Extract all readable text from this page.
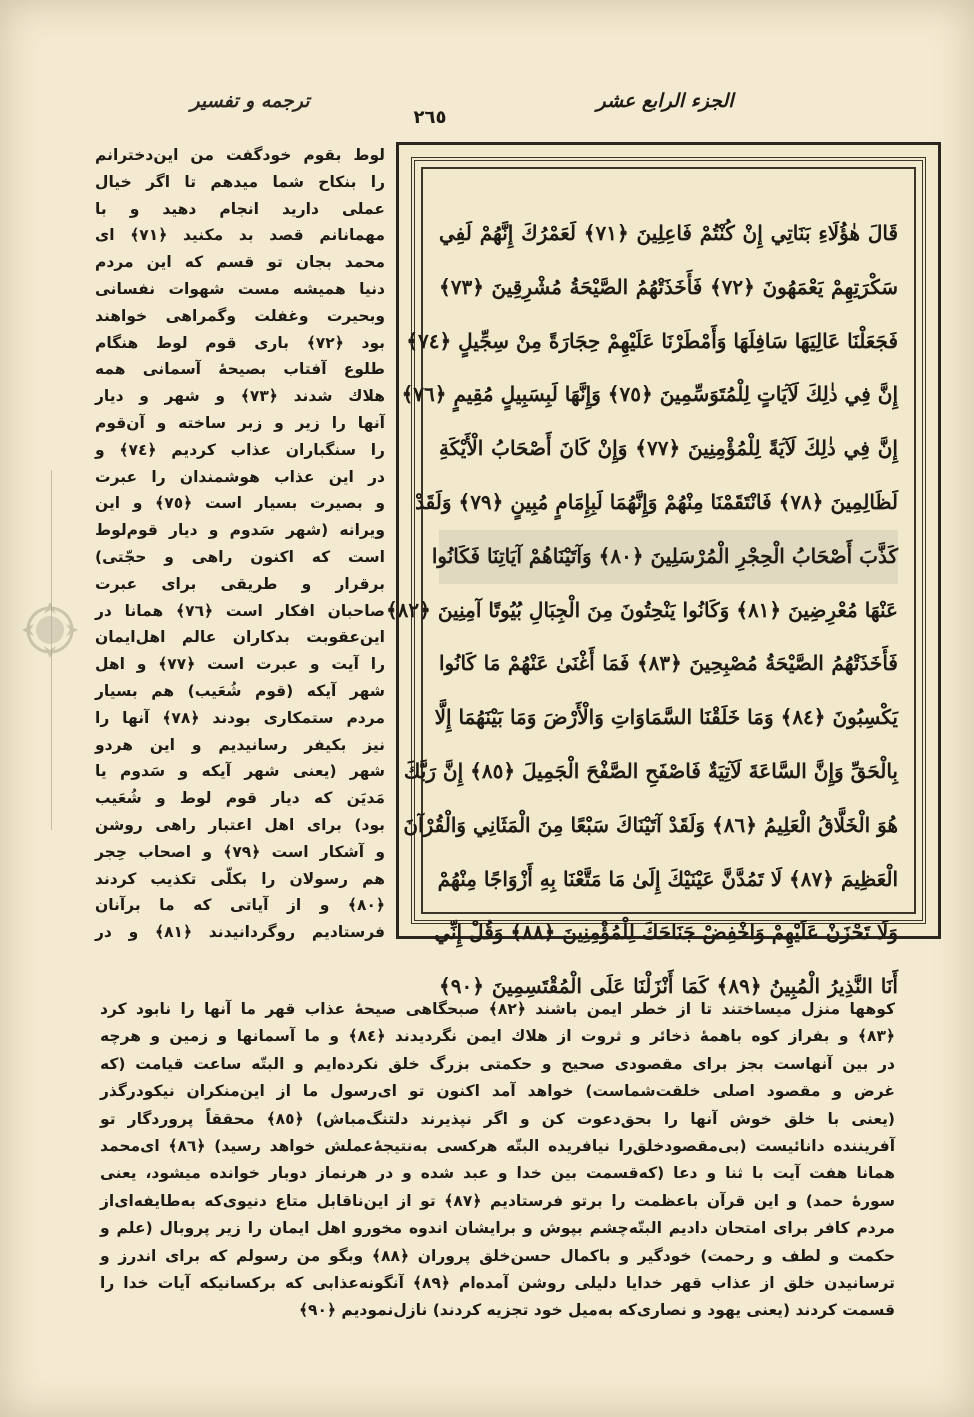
ترجمه و تفسیر
٢٦٥
الجزء الرابع عشر
قَالَ هٰؤُلَاءِ بَنَاتِي إِنْ كُنْتُمْ فَاعِلِينَ ﴿٧١﴾ لَعَمْرُكَ إِنَّهُمْ لَفِي
سَكْرَتِهِمْ يَعْمَهُونَ ﴿٧٢﴾ فَأَخَذَتْهُمُ الصَّيْحَةُ مُشْرِقِينَ ﴿٧٣﴾
فَجَعَلْنَا عَالِيَهَا سَافِلَهَا وَأَمْطَرْنَا عَلَيْهِمْ حِجَارَةً مِنْ سِجِّيلٍ ﴿٧٤﴾
إِنَّ فِي ذٰلِكَ لَآيَاتٍ لِلْمُتَوَسِّمِينَ ﴿٧٥﴾ وَإِنَّهَا لَبِسَبِيلٍ مُقِيمٍ ﴿٧٦﴾
إِنَّ فِي ذٰلِكَ لَآيَةً لِلْمُؤْمِنِينَ ﴿٧٧﴾ وَإِنْ كَانَ أَصْحَابُ الْأَيْكَةِ
لَظَالِمِينَ ﴿٧٨﴾ فَانْتَقَمْنَا مِنْهُمْ وَإِنَّهُمَا لَبِإِمَامٍ مُبِينٍ ﴿٧٩﴾ وَلَقَدْ
كَذَّبَ أَصْحَابُ الْحِجْرِ الْمُرْسَلِينَ ﴿٨٠﴾ وَآتَيْنَاهُمْ آيَاتِنَا فَكَانُوا
عَنْهَا مُعْرِضِينَ ﴿٨١﴾ وَكَانُوا يَنْحِتُونَ مِنَ الْجِبَالِ بُيُوتًا آمِنِينَ ﴿٨٢﴾
فَأَخَذَتْهُمُ الصَّيْحَةُ مُصْبِحِينَ ﴿٨٣﴾ فَمَا أَغْنَىٰ عَنْهُمْ مَا كَانُوا
يَكْسِبُونَ ﴿٨٤﴾ وَمَا خَلَقْنَا السَّمَاوَاتِ وَالْأَرْضَ وَمَا بَيْنَهُمَا إِلَّا
بِالْحَقِّ وَإِنَّ السَّاعَةَ لَآتِيَةٌ فَاصْفَحِ الصَّفْحَ الْجَمِيلَ ﴿٨٥﴾ إِنَّ رَبَّكَ
هُوَ الْخَلَّاقُ الْعَلِيمُ ﴿٨٦﴾ وَلَقَدْ آتَيْنَاكَ سَبْعًا مِنَ الْمَثَانِي وَالْقُرْآنَ
الْعَظِيمَ ﴿٨٧﴾ لَا تَمُدَّنَّ عَيْنَيْكَ إِلَىٰ مَا مَتَّعْنَا بِهِ أَزْوَاجًا مِنْهُمْ
وَلَا تَحْزَنْ عَلَيْهِمْ وَاخْفِضْ جَنَاحَكَ لِلْمُؤْمِنِينَ ﴿٨٨﴾ وَقُلْ إِنِّي
أَنَا النَّذِيرُ الْمُبِينُ ﴿٨٩﴾ كَمَا أَنْزَلْنَا عَلَى الْمُقْتَسِمِينَ ﴿٩٠﴾
لوط بقوم خودگفت من این‌دخترانم
را بنکاح شما میدهم تا اگر خیال
عملی دارید انجام دهید و با
مهمانانم قصد بد مکنید ﴿٧١﴾ ای
محمد بجان تو قسم که این مردم
دنیا همیشه مست شهوات نفسانی
وبحیرت وغفلت وگمراهی خواهند
بود ﴿٧٢﴾ باری قوم لوط هنگام
طلوع آفتاب بصیحهٔ آسمانی همه
هلاك شدند ﴿٧٣﴾ و شهر و دیار
آنها را زیر و زبر ساخته و آن‌قوم
را سنگباران عذاب کردیم ﴿٧٤﴾ و
در این عذاب هوشمندان را عبرت
و بصیرت بسیار است ﴿٧٥﴾ و این
ویرانه (شهر سَدوم و دیار قوم‌لوط
است که اکنون راهی و حجّتی)
برقرار و طریقی برای عبرت
صاحبان افکار است ﴿٧٦﴾ همانا در
این‌عقوبت بدکاران عالم اهل‌ایمان
را آیت و عبرت است ﴿٧٧﴾ و اهل
شهر آیکه (قوم شُعَیب) هم بسیار
مردم ستمکاری بودند ﴿٧٨﴾ آنها را
نیز بکیفر رسانیدیم و این هردو
شهر (یعنی شهر آیکه و سَدوم یا
مَدیَن که دیار قوم لوط و شُعَیب
بود) برای اهل اعتبار راهی روشن
و آشکار است ﴿٧٩﴾ و اصحاب حِجر
هم رسولان را بکلّی تکذیب کردند
﴿٨٠﴾ و از آیاتی که ما برآنان
فرستادیم روگردانیدند ﴿٨١﴾ و در
کوهها منزل میساختند تا از خطر ایمن باشند ﴿٨٢﴾ صبحگاهی صیحهٔ عذاب قهر ما آنها را نابود کرد
﴿٨٣﴾ و بفراز کوه باهمهٔ ذخائر و ثروت از هلاك ایمن نگردیدند ﴿٨٤﴾ و ما آسمانها و زمین و هرچه
در بین آنهاست بجز برای مقصودی صحیح و حکمتی بزرگ خلق نکرده‌ایم و البتّه ساعت قیامت (که
غرض و مقصود اصلی خلقت‌شماست) خواهد آمد اکنون تو ای‌رسول ما از این‌منکران نیکودرگذر
(یعنی با خلق خوش آنها را بحق‌دعوت کن و اگر نپذیرند دلتنگ‌مباش) ﴿٨٥﴾ محققاً پروردگار تو
آفریننده دانائیست (بی‌مقصودخلق‌را نیافریده البتّه هرکسی به‌نتیجهٔ‌عملش خواهد رسید) ﴿٨٦﴾ ای‌محمد
همانا هفت آیت با ثنا و دعا (که‌قسمت بین خدا و عبد شده و در هرنماز دوبار خوانده میشود، یعنی
سورهٔ حمد) و این قرآن باعظمت را برتو فرستادیم ﴿٨٧﴾ تو از این‌ناقابل متاع دنیوی‌که به‌طایفه‌ای‌از
مردم کافر برای امتحان دادیم البتّه‌چشم بپوش و برایشان اندوه مخورو اهل ایمان را زیر پروبال (علم و
حکمت و لطف و رحمت) خودگیر و باکمال حسن‌خلق پروران ﴿٨٨﴾ وبگو من رسولم که برای اندرز و
ترسانیدن خلق از عذاب قهر خدایا دلیلی روشن آمده‌ام ﴿٨٩﴾ آنگونه‌عذابی که برکسانیکه آیات خدا را
قسمت کردند (یعنی یهود و نصاری‌که به‌میل خود تجزیه کردند) نازل‌نمودیم ﴿٩٠﴾
